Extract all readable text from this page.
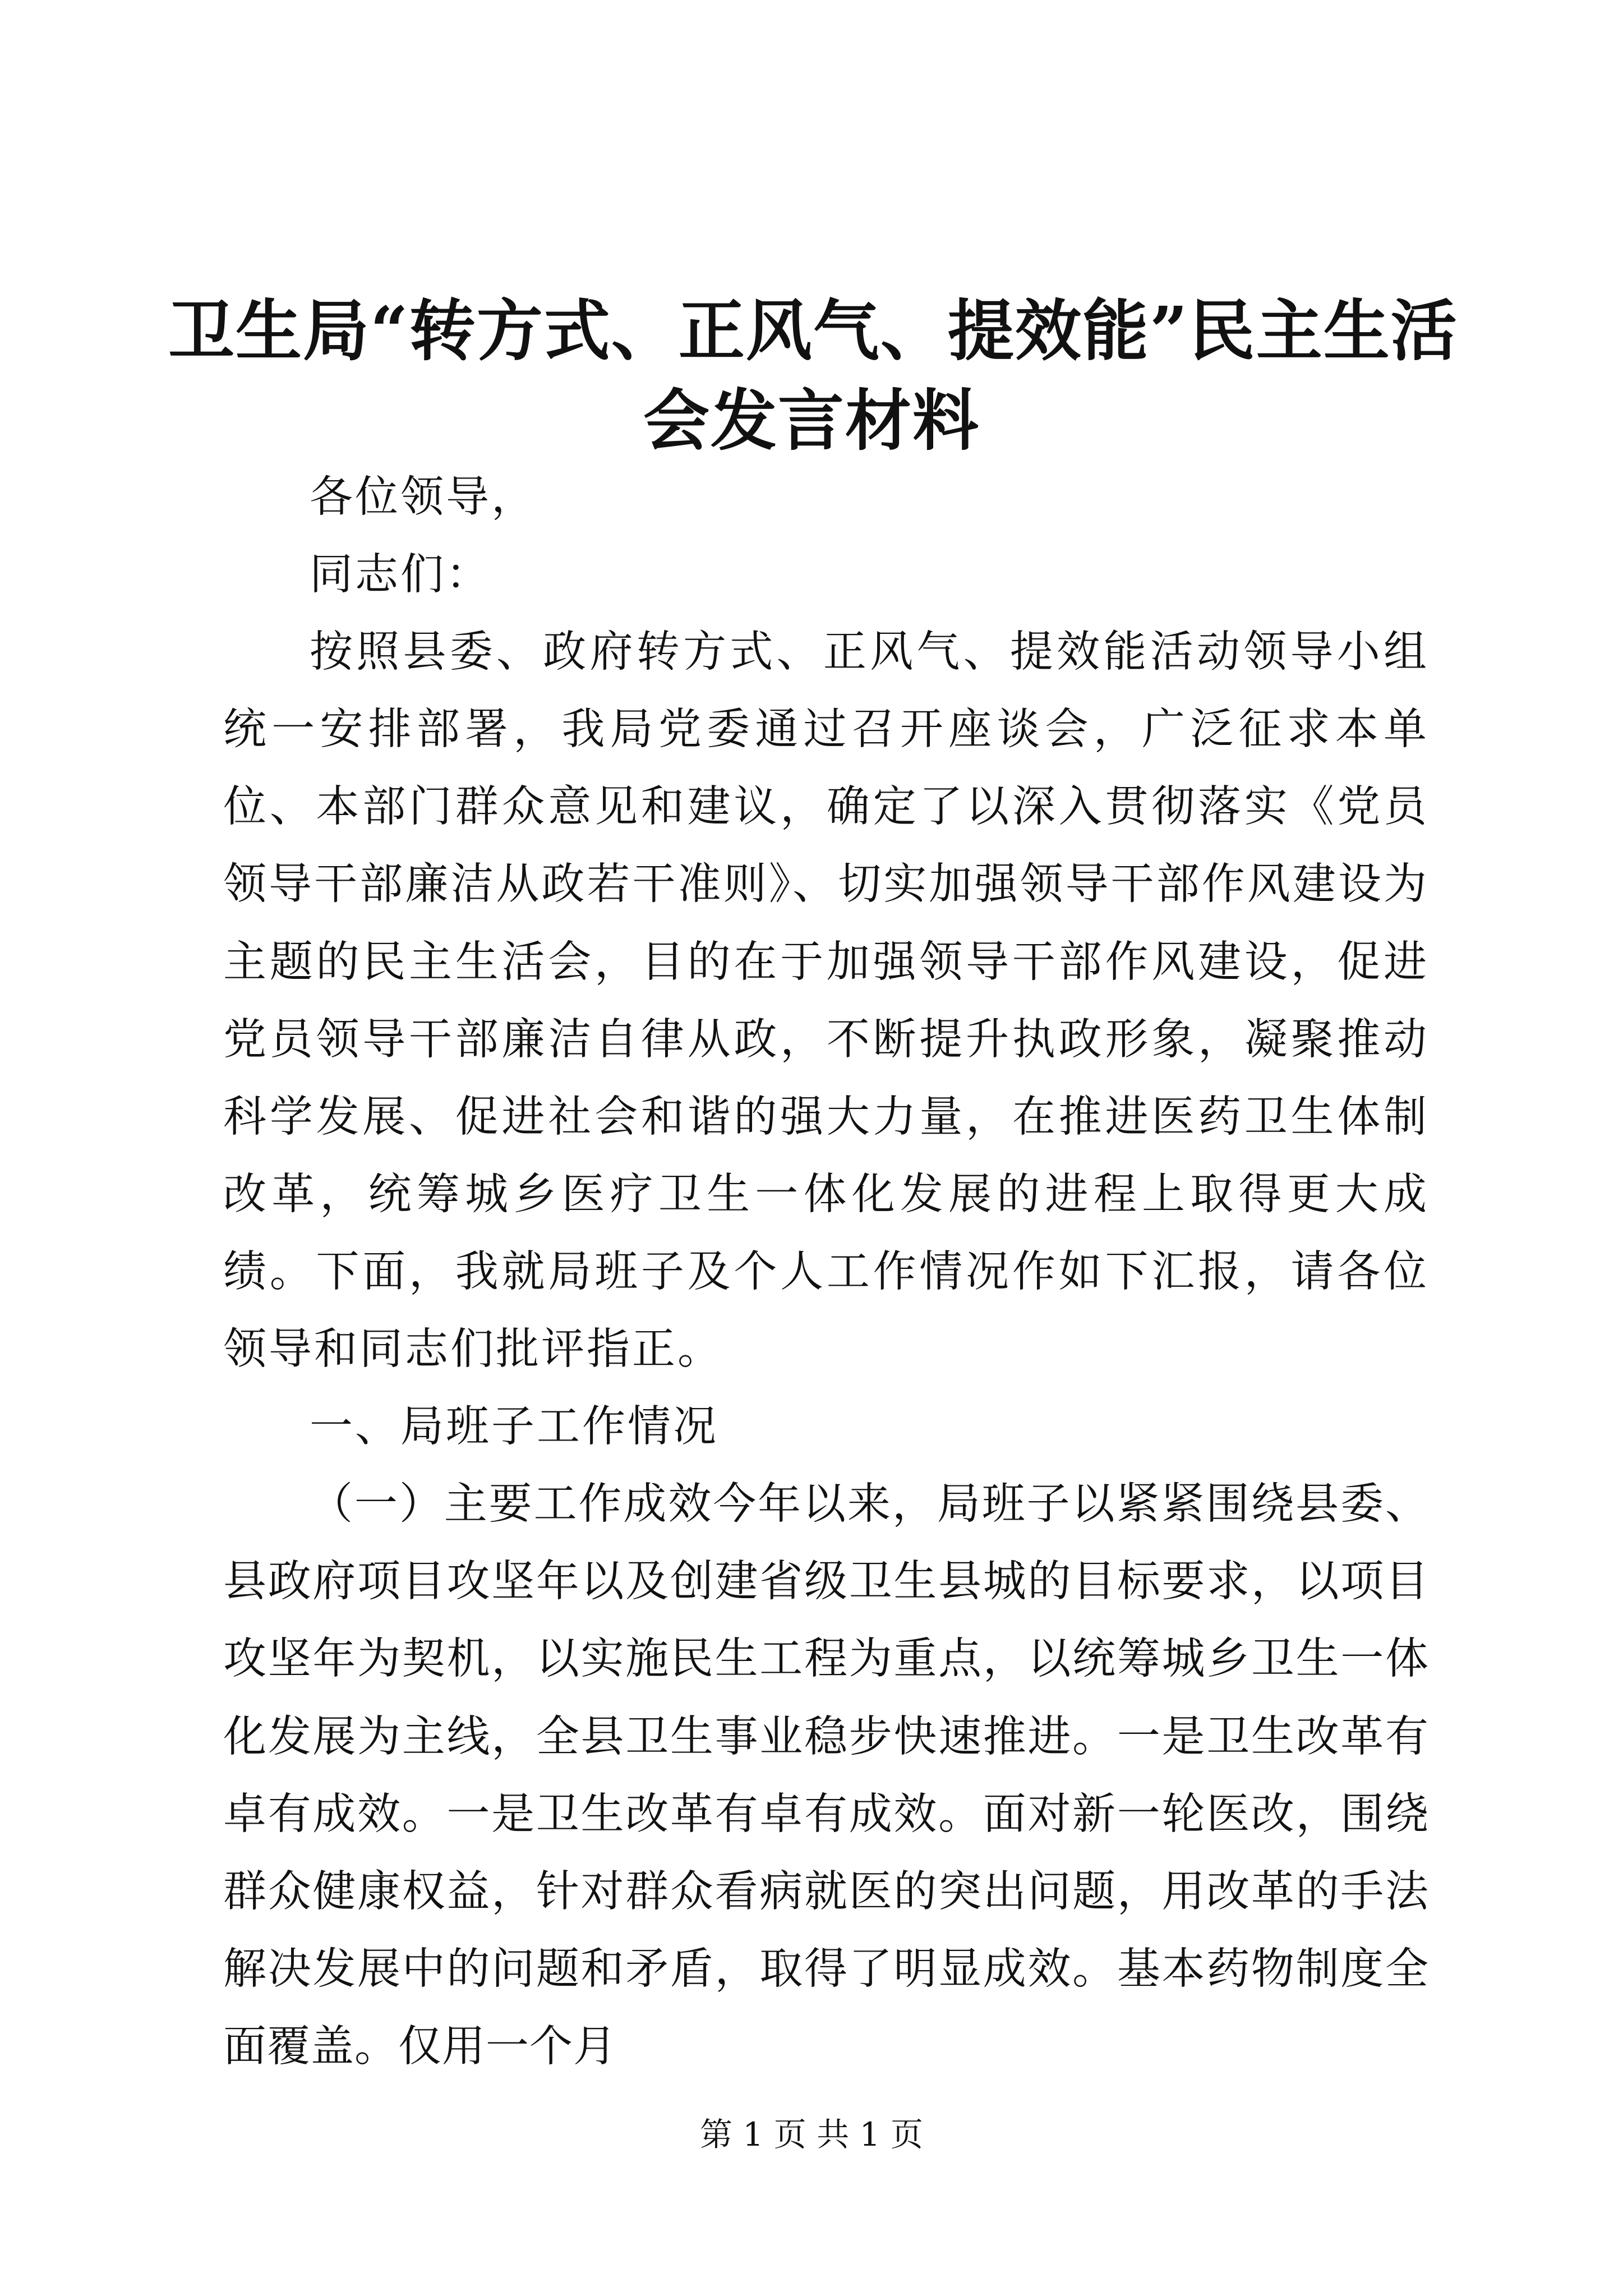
卫生局“转方式、正风气、提效能”民主生活
会发言材料

各位领导，

同志们：

按照县委、政府转方式、正风气、提效能活动领导小组统一安排部署，我局党委通过召开座谈会，广泛征求本单位、本部门群众意见和建议，确定了以深入贯彻落实《党员领导干部廉洁从政若干准则》、切实加强领导干部作风建设为主题的民主生活会，目的在于加强领导干部作风建设，促进党员领导干部廉洁自律从政，不断提升执政形象，凝聚推动科学发展、促进社会和谐的强大力量，在推进医药卫生体制改革，统筹城乡医疗卫生一体化发展的进程上取得更大成绩。下面，我就局班子及个人工作情况作如下汇报，请各位领导和同志们批评指正。

一、局班子工作情况

（一）主要工作成效今年以来，局班子以紧紧围绕县委、县政府项目攻坚年以及创建省级卫生县城的目标要求，以项目攻坚年为契机，以实施民生工程为重点，以统筹城乡卫生一体化发展为主线，全县卫生事业稳步快速推进。一是卫生改革有卓有成效。一是卫生改革有卓有成效。面对新一轮医改，围绕群众健康权益，针对群众看病就医的突出问题，用改革的手法解决发展中的问题和矛盾，取得了明显成效。基本药物制度全面覆盖。仅用一个月

第 1 页 共 1 页
